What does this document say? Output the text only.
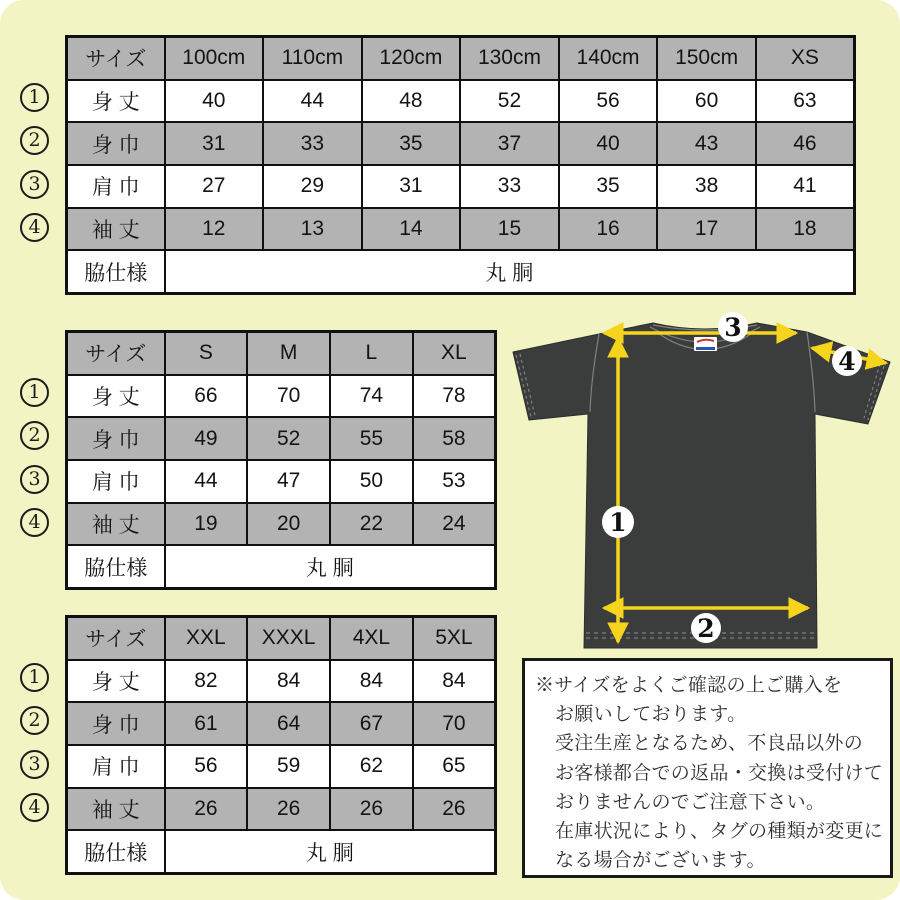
サイズ	100cm	110cm	120cm	130cm	140cm	150cm	XS
身 丈	40	44	48	52	56	60	63
身 巾	31	33	35	37	40	43	46
肩 巾	27	29	31	33	35	38	41
袖 丈	12	13	14	15	16	17	18
脇仕様	丸 胴						
サイズ	S	M	L	XL
身 丈	66	70	74	78
身 巾	49	52	55	58
肩 巾	44	47	50	53
袖 丈	19	20	22	24
脇仕様	丸 胴			
サイズ	XXL	XXXL	4XL	5XL
身 丈	82	84	84	84
身 巾	61	64	67	70
肩 巾	56	59	62	65
袖 丈	26	26	26	26
脇仕様	丸 胴			
1
2
3
4
※サイズをよくご確認の上ご購入を
お願いしております。
受注生産となるため、不良品以外の
お客様都合での返品・交換は受付けて
おりませんのでご注意下さい。
在庫状況により、タグの種類が変更に
なる場合がございます。
1
2
3
4
1
2
3
4
1
2
3
4
